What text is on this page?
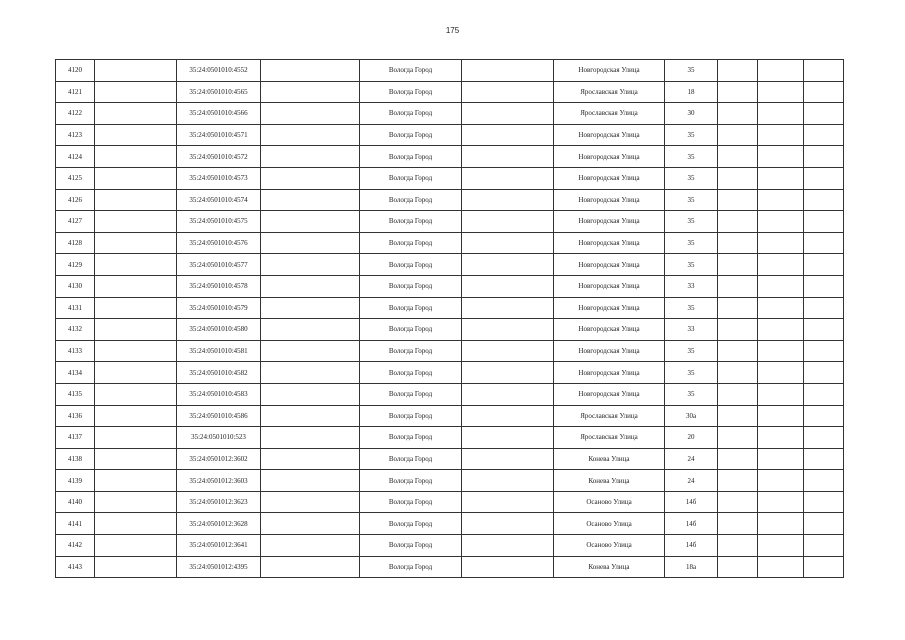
175
4120		35:24:0501010:4552		Вологда Город		Новгородская Улица	35			
4121		35:24:0501010:4565		Вологда Город		Ярославская Улица	18			
4122		35:24:0501010:4566		Вологда Город		Ярославская Улица	30			
4123		35:24:0501010:4571		Вологда Город		Новгородская Улица	35			
4124		35:24:0501010:4572		Вологда Город		Новгородская Улица	35			
4125		35:24:0501010:4573		Вологда Город		Новгородская Улица	35			
4126		35:24:0501010:4574		Вологда Город		Новгородская Улица	35			
4127		35:24:0501010:4575		Вологда Город		Новгородская Улица	35			
4128		35:24:0501010:4576		Вологда Город		Новгородская Улица	35			
4129		35:24:0501010:4577		Вологда Город		Новгородская Улица	35			
4130		35:24:0501010:4578		Вологда Город		Новгородская Улица	33			
4131		35:24:0501010:4579		Вологда Город		Новгородская Улица	35			
4132		35:24:0501010:4580		Вологда Город		Новгородская Улица	33			
4133		35:24:0501010:4581		Вологда Город		Новгородская Улица	35			
4134		35:24:0501010:4582		Вологда Город		Новгородская Улица	35			
4135		35:24:0501010:4583		Вологда Город		Новгородская Улица	35			
4136		35:24:0501010:4586		Вологда Город		Ярославская Улица	30а			
4137		35:24:0501010:523		Вологда Город		Ярославская Улица	20			
4138		35:24:0501012:3602		Вологда Город		Конева Улица	24			
4139		35:24:0501012:3603		Вологда Город		Конева Улица	24			
4140		35:24:0501012:3623		Вологда Город		Осаново Улица	14б			
4141		35:24:0501012:3628		Вологда Город		Осаново Улица	14б			
4142		35:24:0501012:3641		Вологда Город		Осаново Улица	14б			
4143		35:24:0501012:4395		Вологда Город		Конева Улица	18а			
